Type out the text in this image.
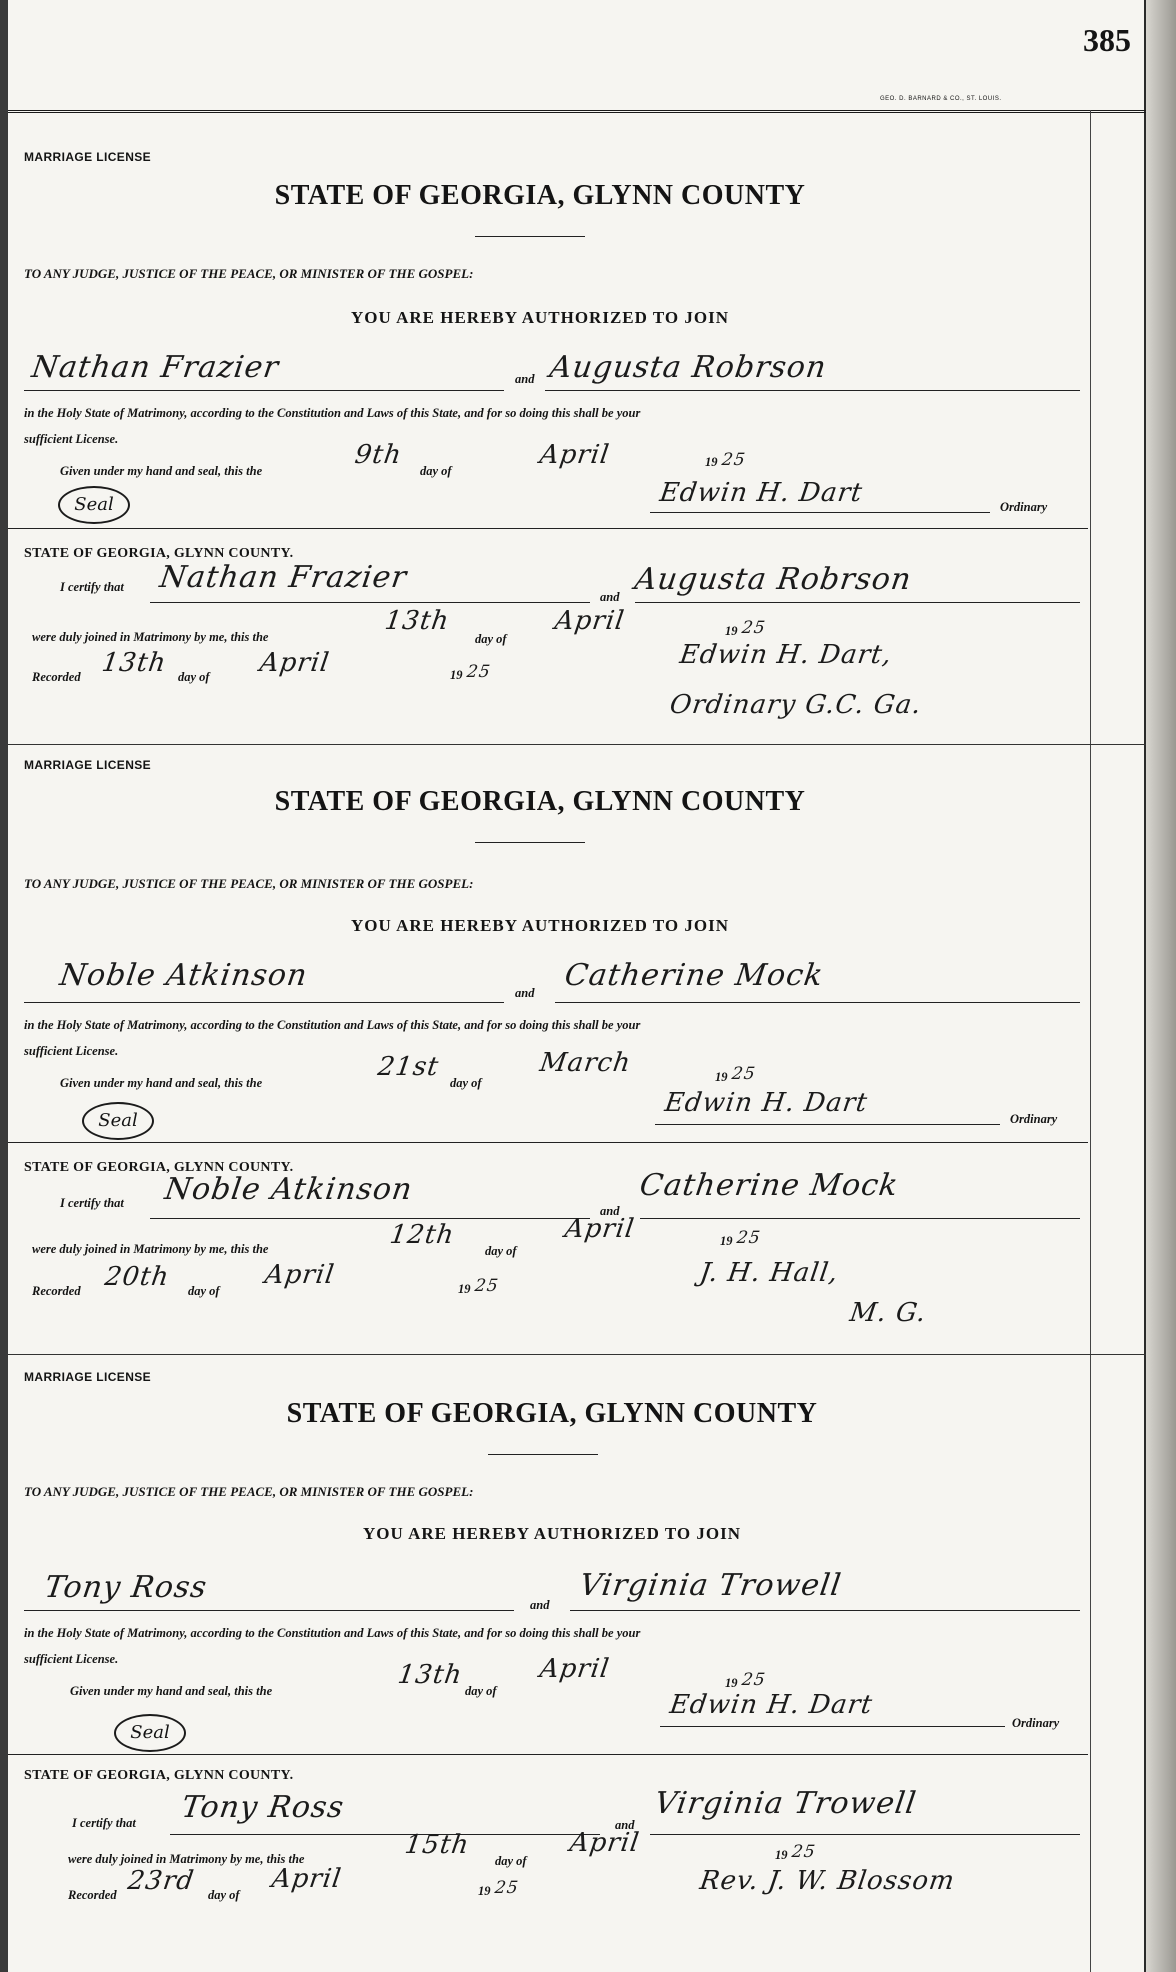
385
GEO. D. BARNARD & CO., ST. LOUIS.
MARRIAGE LICENSE
STATE OF GEORGIA, GLYNN COUNTY
TO ANY JUDGE, JUSTICE OF THE PEACE, OR MINISTER OF THE GOSPEL:
YOU ARE HEREBY AUTHORIZED TO JOIN
Nathan Frazier	and Augusta Robrson
in the Holy State of Matrimony, according to the Constitution and Laws of this State, and for so doing this shall be your
sufficient License.
Given under my hand and seal, this the
9th
day of
April	19 25
Seal	Edwin H. Dart	Ordinary
STATE OF GEORGIA, GLYNN COUNTY.
I certify that Nathan Frazier
and Augusta Robrson
were duly joined in Matrimony by me, this the
13th
day of
April	19 25
Recorded 13th day of April	19 25
Edwin H. Dart,
Ordinary G.C. Ga.
MARRIAGE LICENSE
STATE OF GEORGIA, GLYNN COUNTY
TO ANY JUDGE, JUSTICE OF THE PEACE, OR MINISTER OF THE GOSPEL:
YOU ARE HEREBY AUTHORIZED TO JOIN
Noble Atkinson	and Catherine Mock
in the Holy State of Matrimony, according to the Constitution and Laws of this State, and for so doing this shall be your
sufficient License.
Given under my hand and seal, this the
21st
day of
March	19 25
Seal
Edwin H. Dart
Ordinary
STATE OF GEORGIA, GLYNN COUNTY.
I certify that Noble Atkinson
and
Catherine Mock
were duly joined in Matrimony by me, this the	12th
day of
April	19 25
Recorded 20th day of
April	19 25	J. H. Hall,
M. G.
MARRIAGE LICENSE
STATE OF GEORGIA, GLYNN COUNTY
TO ANY JUDGE, JUSTICE OF THE PEACE, OR MINISTER OF THE GOSPEL:
YOU ARE HEREBY AUTHORIZED TO JOIN
Tony Ross	and
Virginia Trowell
in the Holy State of Matrimony, according to the Constitution and Laws of this State, and for so doing this shall be your
sufficient License.
Given under my hand and seal, this the
13th
day of
April	19 25
Seal
Edwin H. Dart
Ordinary
STATE OF GEORGIA, GLYNN COUNTY.
I certify that Tony Ross	and
Virginia Trowell
were duly joined in Matrimony by me, this the	15th
day of
April	19 25
Recorded 23rd day of
April	19 25	Rev. J. W. Blossom
